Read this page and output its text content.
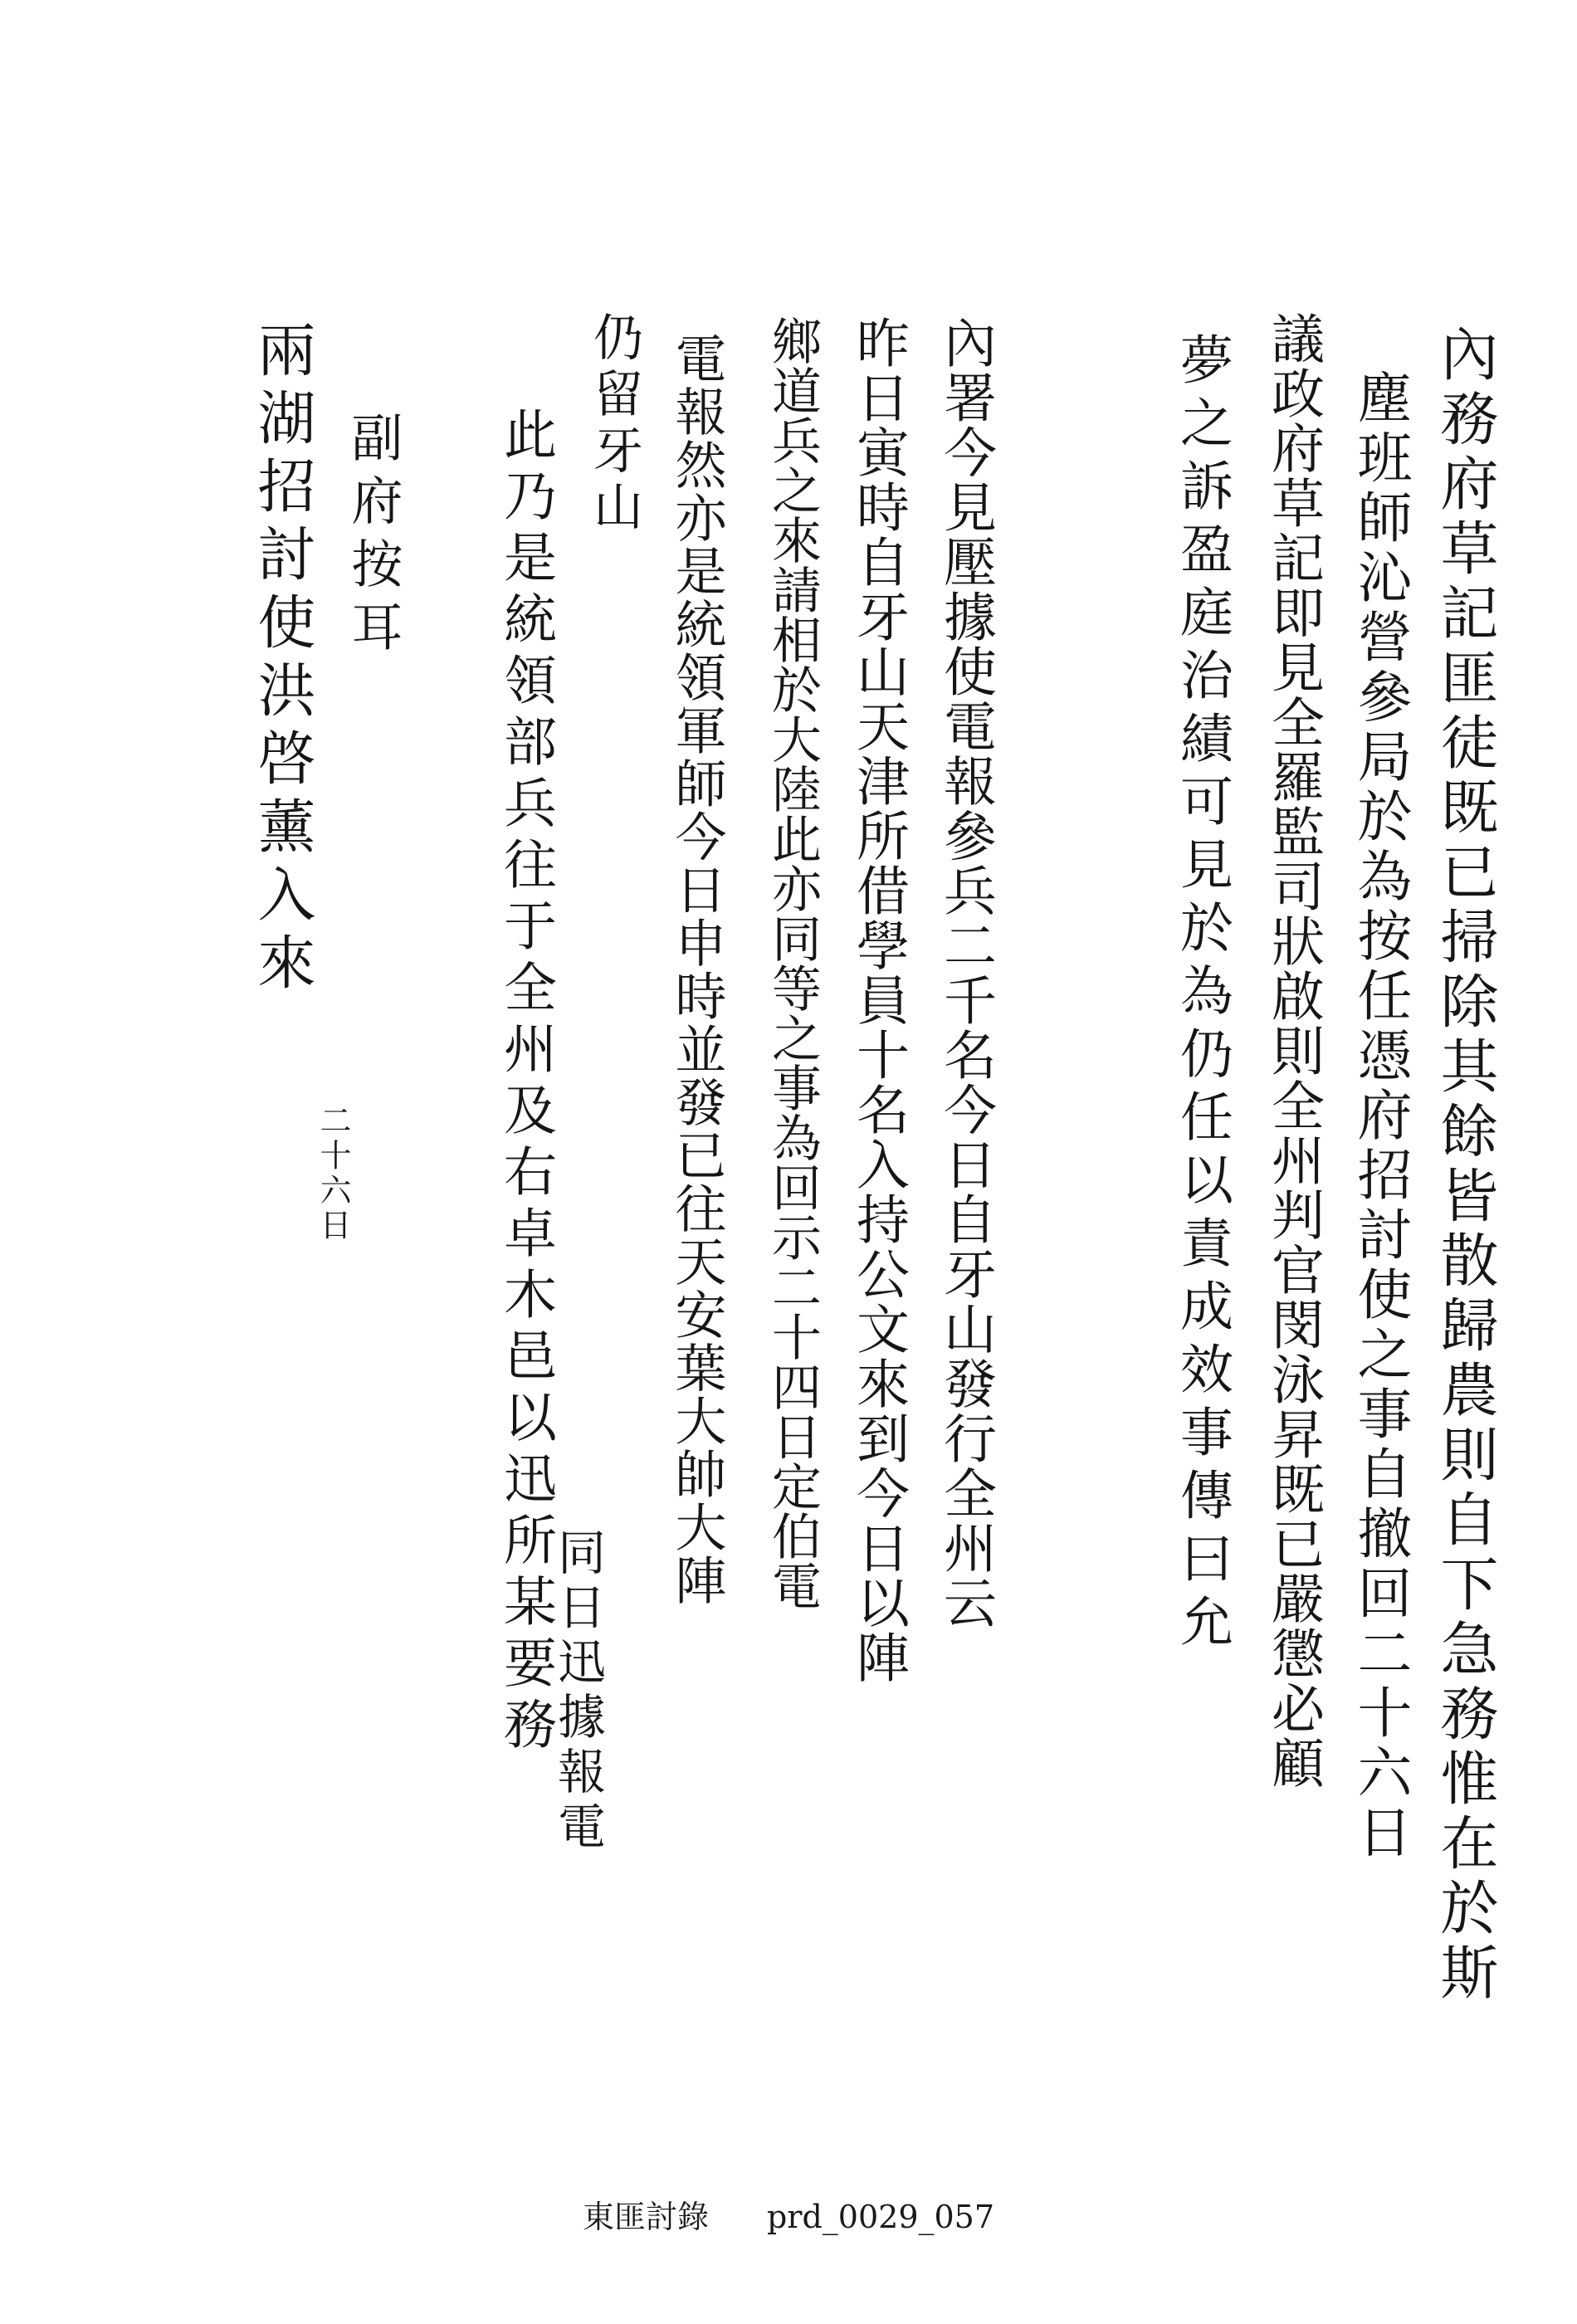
內務府草記匪徒既已掃除其餘皆散歸農則自下急務惟在於斯
塵班師沁營參局於為按任憑府招討使之事自撤回二十六日
議政府草記即見全羅監司狀啟則全州判官閔泳昇既已嚴懲必顧
夢之訴盈庭治績可見於為仍任以責成效事傳曰允
內署今見壓據使電報參兵二千名今日自牙山發行全州云
昨日寅時自牙山天津所借學員十名入持公文來到今日以陣
鄉道兵之來請相於大陸此亦同等之事為回示二十四日定伯電
電報然亦是統領軍師今日申時並發已往天安葉大帥大陣
仍留牙山
此乃是統領部兵往于全州及右卓木邑以迅所某要務
同日迅據報電
副府按耳
兩湖招討使洪啓薰入來
二十六日
東匪討錄 prd_0029_057
